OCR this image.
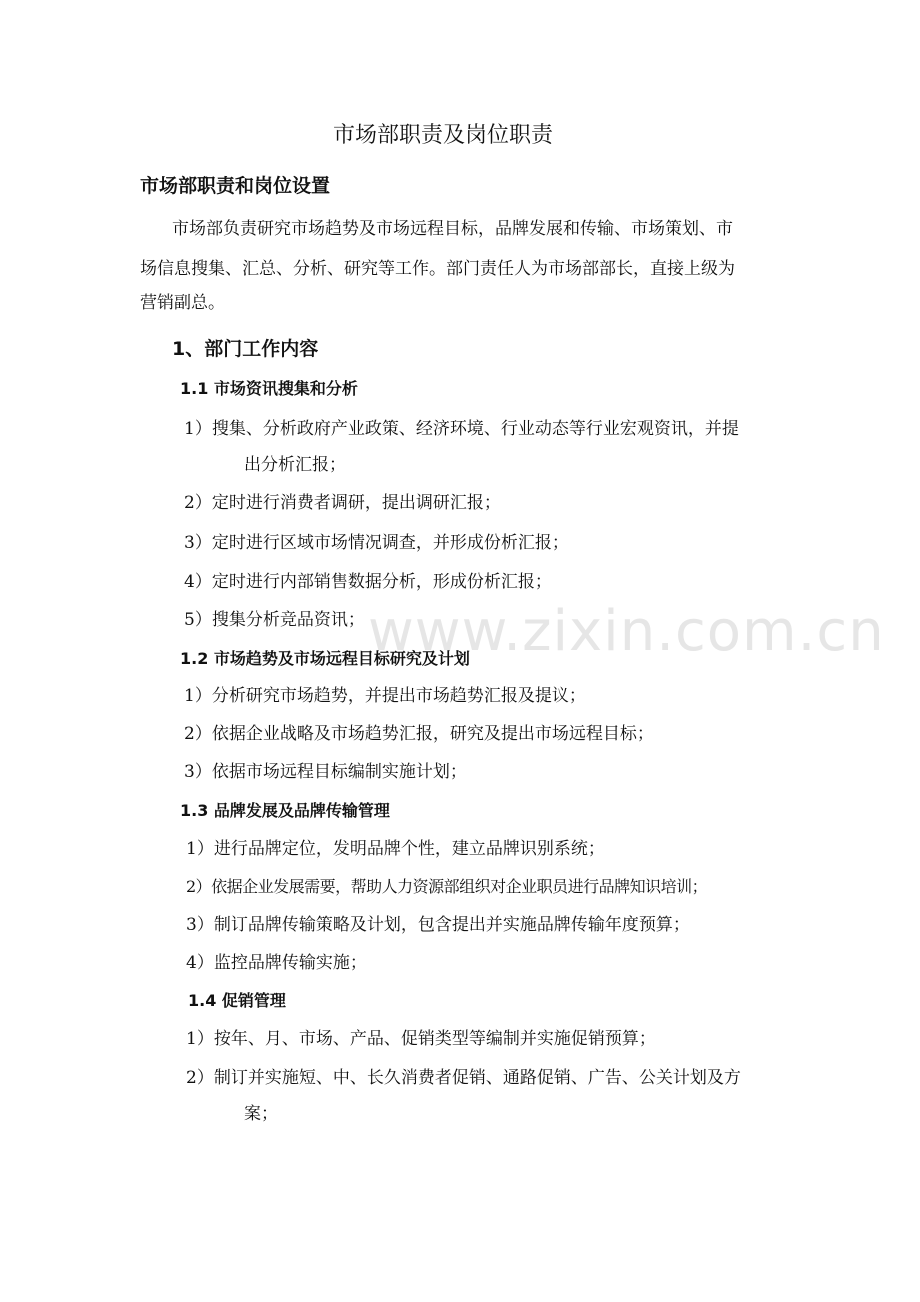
www.zixin.com.cn
市场部职责及岗位职责
市场部职责和岗位设置
市场部负责研究市场趋势及市场远程目标，品牌发展和传输、市场策划、市
场信息搜集、汇总、分析、研究等工作。部门责任人为市场部部长，直接上级为
营销副总。
1、部门工作内容
1.1 市场资讯搜集和分析
1）搜集、分析政府产业政策、经济环境、行业动态等行业宏观资讯，并提
出分析汇报；
2）定时进行消费者调研，提出调研汇报；
3）定时进行区域市场情况调查，并形成份析汇报；
4）定时进行内部销售数据分析，形成份析汇报；
5）搜集分析竞品资讯；
1.2 市场趋势及市场远程目标研究及计划
1）分析研究市场趋势，并提出市场趋势汇报及提议；
2）依据企业战略及市场趋势汇报，研究及提出市场远程目标；
3）依据市场远程目标编制实施计划；
1.3 品牌发展及品牌传输管理
1）进行品牌定位，发明品牌个性，建立品牌识别系统；
2）依据企业发展需要，帮助人力资源部组织对企业职员进行品牌知识培训；
3）制订品牌传输策略及计划，包含提出并实施品牌传输年度预算；
4）监控品牌传输实施；
1.4 促销管理
1）按年、月、市场、产品、促销类型等编制并实施促销预算；
2）制订并实施短、中、长久消费者促销、通路促销、广告、公关计划及方
案；
